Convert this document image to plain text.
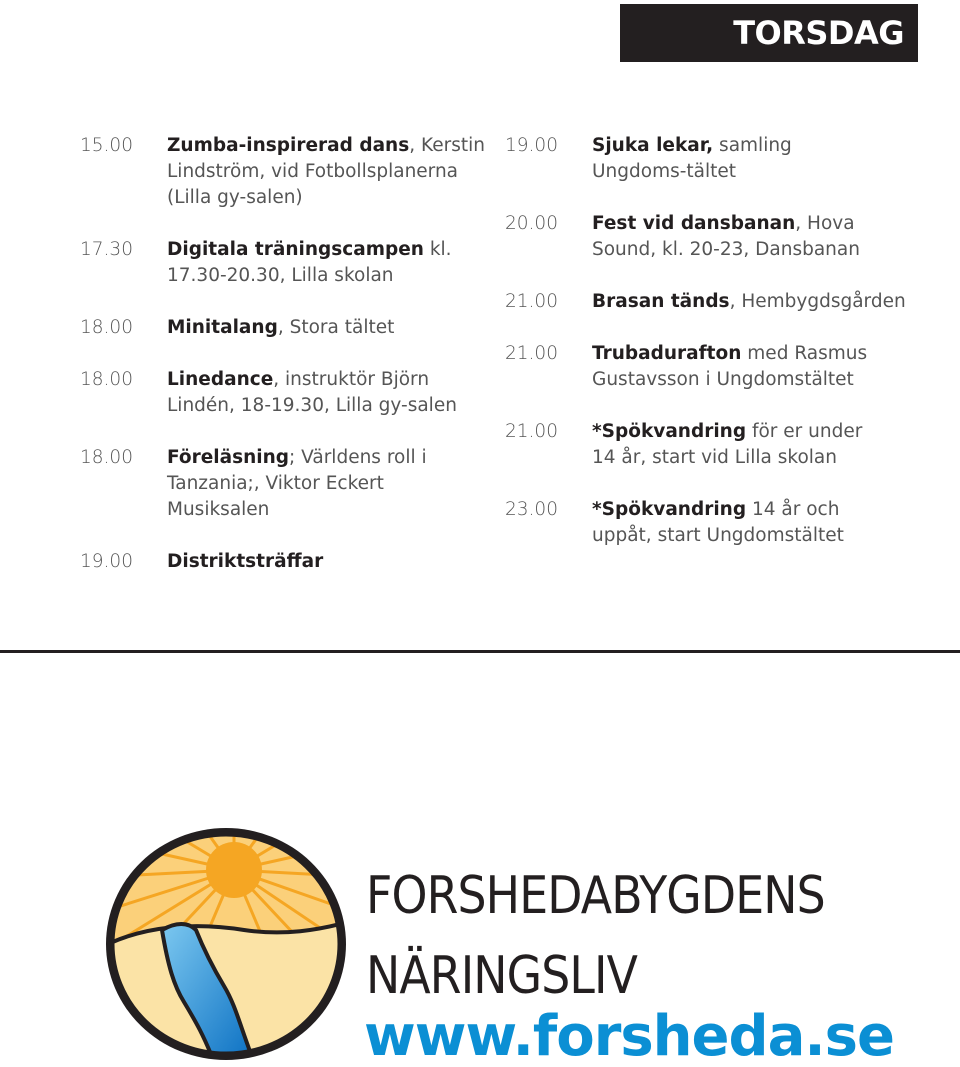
TORSDAG
15.00	Zumba-inspirerad dans, Kerstin Lindström, vid Fotbollsplanerna (Lilla gy-salen)
17.30	Digitala träningscampen kl. 17.30-20.30, Lilla skolan
18.00	Minitalang, Stora tältet
18.00	Linedance, instruktör Björn Lindén, 18-19.30, Lilla gy-salen
18.00	Föreläsning; Världens roll i Tanzania;, Viktor Eckert Musiksalen
19.00	Distriktsträffar
19.00	Sjuka lekar, samling Ungdoms-tältet
20.00	Fest vid dansbanan, Hova Sound, kl. 20-23, Dansbanan
21.00	Brasan tänds, Hembygdsgården
21.00	Trubadurafton med Rasmus Gustavsson i Ungdomstältet
21.00	*Spökvandring för er under 14 år, start vid Lilla skolan
23.00	*Spökvandring 14 år och uppåt, start Ungdomstältet
FORSHEDABYGDENS
NÄRINGSLIV
www.forsheda.se
